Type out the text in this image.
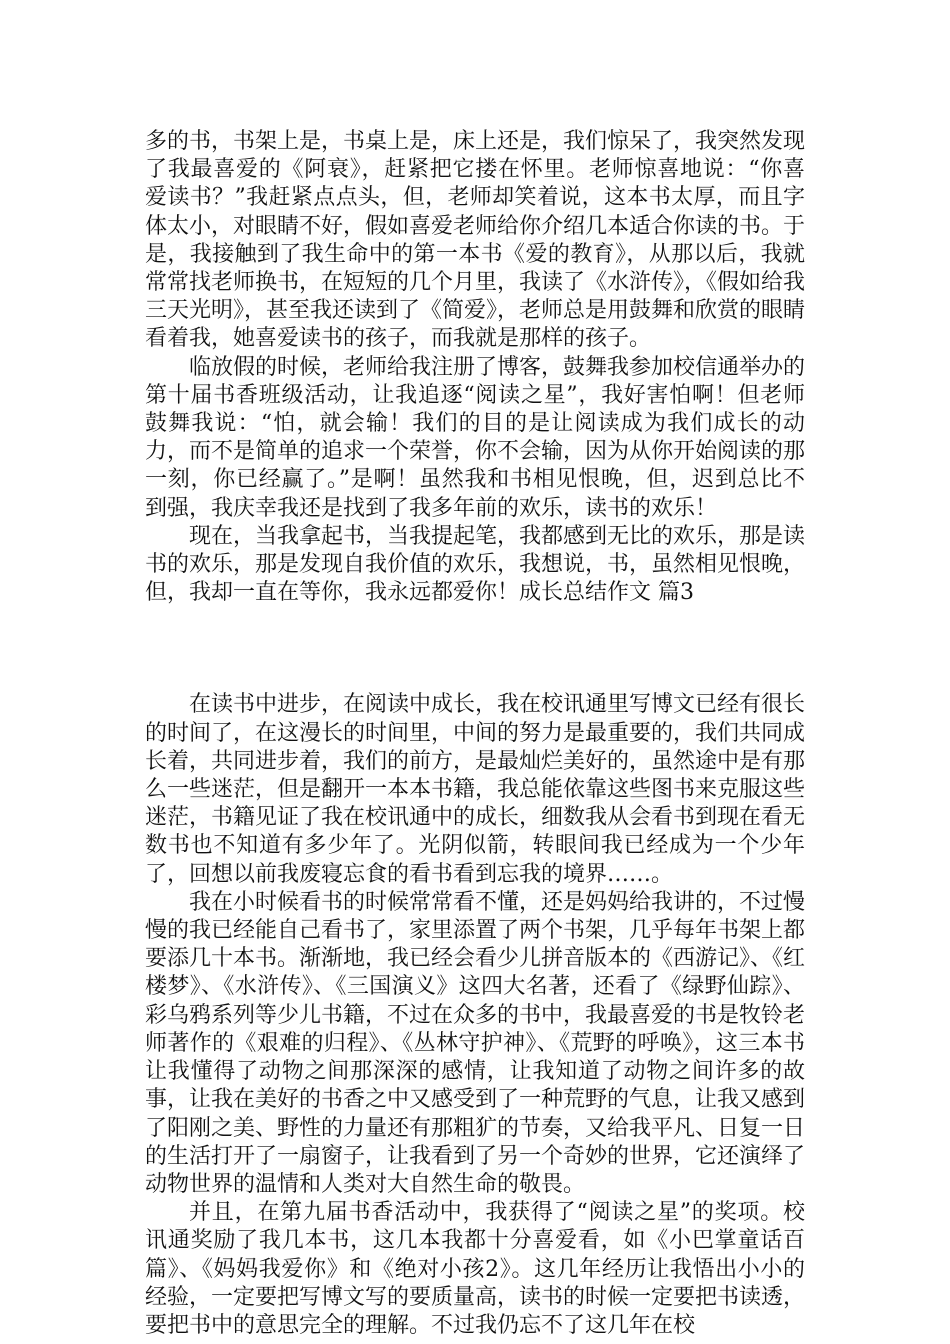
多的书，书架上是，书桌上是，床上还是，我们惊呆了，我突然发现了我最喜爱的《阿衰》，赶紧把它搂在怀里。老师惊喜地说：“你喜爱读书？”我赶紧点点头，但，老师却笑着说，这本书太厚，而且字体太小，对眼睛不好，假如喜爱老师给你介绍几本适合你读的书。于是，我接触到了我生命中的第一本书《爱的教育》，从那以后，我就常常找老师换书，在短短的几个月里，我读了《水浒传》，《假如给我三天光明》，甚至我还读到了《简爱》，老师总是用鼓舞和欣赏的眼睛看着我，她喜爱读书的孩子，而我就是那样的孩子。

临放假的时候，老师给我注册了博客，鼓舞我参加校信通举办的第十届书香班级活动，让我追逐“阅读之星”，我好害怕啊！但老师鼓舞我说：“怕，就会输！我们的目的是让阅读成为我们成长的动力，而不是简单的追求一个荣誉，你不会输，因为从你开始阅读的那一刻，你已经赢了。”是啊！虽然我和书相见恨晚，但，迟到总比不到强，我庆幸我还是找到了我多年前的欢乐，读书的欢乐！

现在，当我拿起书，当我提起笔，我都感到无比的欢乐，那是读书的欢乐，那是发现自我价值的欢乐，我想说，书，虽然相见恨晚，但，我却一直在等你，我永远都爱你！成长总结作文 篇3

在读书中进步，在阅读中成长，我在校讯通里写博文已经有很长的时间了，在这漫长的时间里，中间的努力是最重要的，我们共同成长着，共同进步着，我们的前方，是最灿烂美好的，虽然途中是有那么一些迷茫，但是翻开一本本书籍，我总能依靠这些图书来克服这些迷茫，书籍见证了我在校讯通中的成长，细数我从会看书到现在看无数书也不知道有多少年了。光阴似箭，转眼间我已经成为一个少年了，回想以前我废寝忘食的看书看到忘我的境界……。

我在小时候看书的时候常常看不懂，还是妈妈给我讲的，不过慢慢的我已经能自己看书了，家里添置了两个书架，几乎每年书架上都要添几十本书。渐渐地，我已经会看少儿拼音版本的《西游记》、《红楼梦》、《水浒传》、《三国演义》这四大名著，还看了《绿野仙踪》、彩乌鸦系列等少儿书籍，不过在众多的书中，我最喜爱的书是牧铃老师著作的《艰难的归程》、《丛林守护神》、《荒野的呼唤》，这三本书让我懂得了动物之间那深深的感情，让我知道了动物之间许多的故事，让我在美好的书香之中又感受到了一种荒野的气息，让我又感到了阳刚之美、野性的力量还有那粗犷的节奏，又给我平凡、日复一日的生活打开了一扇窗子，让我看到了另一个奇妙的世界，它还演绎了动物世界的温情和人类对大自然生命的敬畏。

并且，在第九届书香活动中，我获得了“阅读之星”的奖项。校讯通奖励了我几本书，这几本我都十分喜爱看，如《小巴掌童话百篇》、《妈妈我爱你》和《绝对小孩2》。这几年经历让我悟出小小的经验，一定要把写博文写的要质量高，读书的时候一定要把书读透，要把书中的意思完全的理解。不过我仍忘不了这几年在校
